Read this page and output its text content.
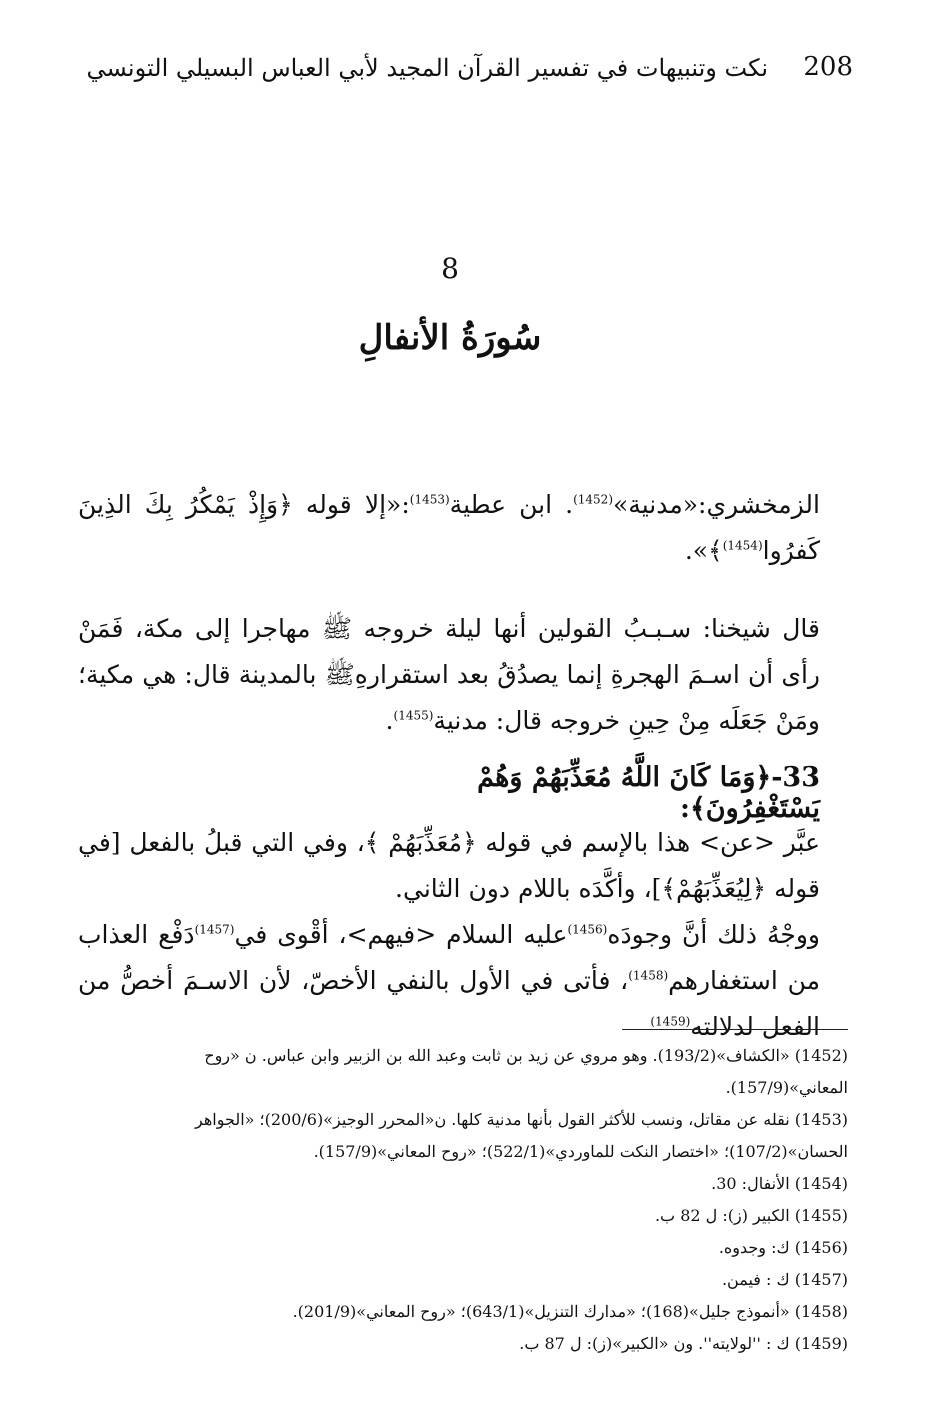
208
نكت وتنبيهات في تفسير القرآن المجيد لأبي العباس البسيلي التونسي
8
سُورَةُ الأنفالِ
الزمخشري:«مدنية»$^{(1452)}$. ابن عطية$^{(1453)}$:«إلا قوله ﴿وَإِذْ يَمْكُرُ بِكَ الذِينَ كَفرُوا$^{(1454)}$﴾».
قال شيخنا: سـبـبُ القولين أنها ليلة خروجه ﷺ مهاجرا إلى مكة، فَمَنْ رأى أن اسـمَ الهجرةِ إنما يصدُقُ بعد استقرارهِﷺ بالمدينة قال: هي مكية؛ ومَنْ جَعَلَه مِنْ حِينِ خروجه قال: مدنية$^{(1455)}$.
33-﴿وَمَا كَانَ اللَّهُ مُعَذِّبَهُمْ وَهُمْ يَسْتَغْفِرُونَ﴾:
عبَّر <عن> هذا بالإسم في قوله ﴿مُعَذِّبَهُمْ ﴾، وفي التي قبلُ بالفعل [في قوله ﴿لِيُعَذِّبَهُمْ﴾]، وأكَّدَه باللام دون الثاني.
ووجْهُ ذلك أنَّ وجودَه$^{(1456)}$عليه السلام <فيهم>، أقْوى في$^{(1457)}$دَفْع العذاب من استغفارهم$^{(1458)}$، فأتى في الأول بالنفي الأخصّ، لأن الاسـمَ أخصُّ من الفعل لدلالته$^{(1459)}$

(1452) «الكشاف»(193/2). وهو مروي عن زيد بن ثابت وعبد الله بن الزبير وابن عباس. ن «روح المعاني»(157/9).

(1453) نقله عن مقاتل، ونسب للأكثر القول بأنها مدنية كلها. ن«المحرر الوجيز»(200/6)؛ «الجواهر الحسان»(107/2)؛ «اختصار النكت للماوردي»(522/1)؛ «روح المعاني»(157/9).

(1454) الأنفال: 30.

(1455) الكبير (ز): ل 82 ب.

(1456) ك: وجدوه.

(1457) ك : فيمن.

(1458) «أنموذج جليل»(168)؛ «مدارك التنزيل»(643/1)؛ «روح المعاني»(201/9).

(1459) ك : ''لولايته''. ون «الكبير»(ز): ل 87 ب.
